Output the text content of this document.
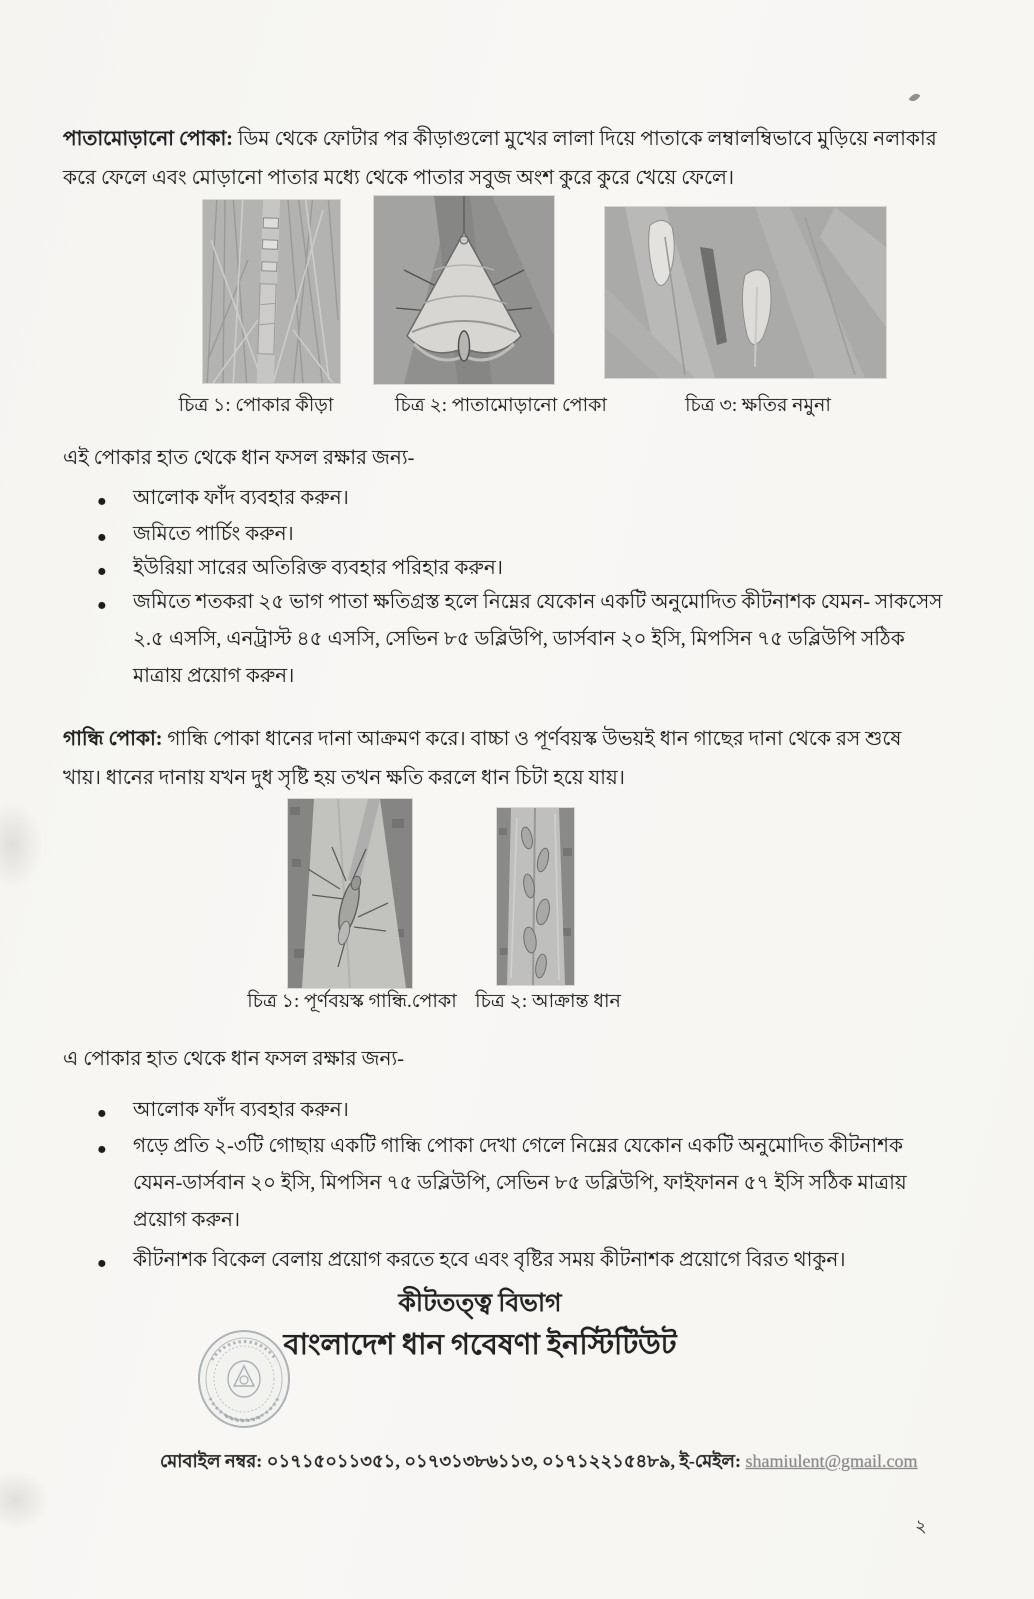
পাতামোড়ানো পোকা: ডিম থেকে ফোটার পর কীড়াগুলো মুখের লালা দিয়ে পাতাকে লম্বালম্বিভাবে মুড়িয়ে নলাকার করে ফেলে এবং মোড়ানো পাতার মধ্যে থেকে পাতার সবুজ অংশ কুরে কুরে খেয়ে ফেলে।

চিত্র ১: পোকার কীড়া	চিত্র ২: পাতামোড়ানো পোকা	চিত্র ৩: ক্ষতির নমুনা
এই পোকার হাত থেকে ধান ফসল রক্ষার জন্য-
● আলোক ফাঁদ ব্যবহার করুন।
● জমিতে পার্চিং করুন।
● ইউরিয়া সারের অতিরিক্ত ব্যবহার পরিহার করুন।
● জমিতে শতকরা ২৫ ভাগ পাতা ক্ষতিগ্রস্ত হলে নিম্নের যেকোন একটি অনুমোদিত কীটনাশক যেমন- সাকসেস ২.৫ এসসি, এনট্রাস্ট ৪৫ এসসি, সেভিন ৮৫ ডব্লিউপি, ডার্সবান ২০ ইসি, মিপসিন ৭৫ ডব্লিউপি সঠিক মাত্রায় প্রয়োগ করুন।

গান্ধি পোকা: গান্ধি পোকা ধানের দানা আক্রমণ করে। বাচ্চা ও পূর্ণবয়স্ক উভয়ই ধান গাছের দানা থেকে রস শুষে খায়। ধানের দানায় যখন দুধ সৃষ্টি হয় তখন ক্ষতি করলে ধান চিটা হয়ে যায়।

চিত্র ১: পূর্ণবয়স্ক গান্ধি.পোকা চিত্র ২: আক্রান্ত ধান
এ পোকার হাত থেকে ধান ফসল রক্ষার জন্য-
● আলোক ফাঁদ ব্যবহার করুন।
● গড়ে প্রতি ২-৩টি গোছায় একটি গান্ধি পোকা দেখা গেলে নিম্নের যেকোন একটি অনুমোদিত কীটনাশক যেমন-ডার্সবান ২০ ইসি, মিপসিন ৭৫ ডব্লিউপি, সেভিন ৮৫ ডব্লিউপি, ফাইফানন ৫৭ ইসি সঠিক মাত্রায় প্রয়োগ করুন।
● কীটনাশক বিকেল বেলায় প্রয়োগ করতে হবে এবং বৃষ্টির সময় কীটনাশক প্রয়োগে বিরত থাকুন।
কীটতত্ত্ব বিভাগ
বাংলাদেশ ধান গবেষণা ইনস্টিটিউট
মোবাইল নম্বর: ০১৭১৫০১১৩৫১, ০১৭৩১৩৮৬১১৩, ০১৭১২২১৫৪৮৯, ই-মেইল: shamiulent@gmail.com
২
